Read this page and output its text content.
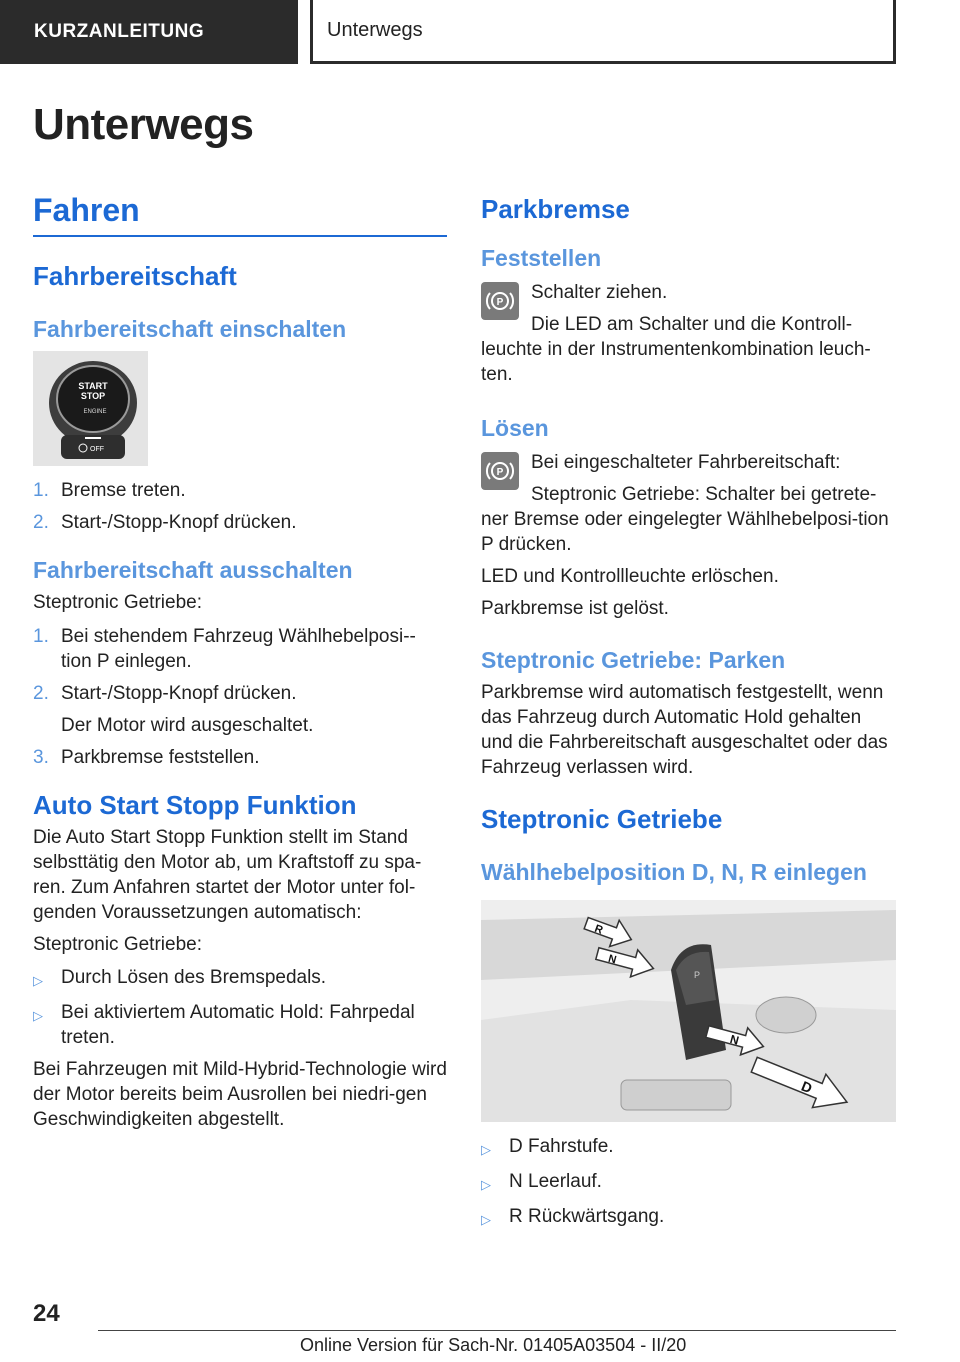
KURZANLEITUNG	Unterwegs
Unterwegs
Fahren
Fahrbereitschaft
Fahrbereitschaft einschalten
START
STOP
ENGINE
OFF
1. Bremse treten.
2. Start-/Stopp-Knopf drücken.
Fahrbereitschaft ausschalten

Steptronic Getriebe:

1. Bei stehendem Fahrzeug Wählhebelposi-tion P einlegen.
2. Start-/Stopp-Knopf drücken.
Der Motor wird ausgeschaltet.
3. Parkbremse feststellen.
Auto Start Stopp Funktion

Die Auto Start Stopp Funktion stellt im Stand selbsttätig den Motor ab, um Kraftstoff zu spa-ren. Zum Anfahren startet der Motor unter fol-genden Voraussetzungen automatisch:

Steptronic Getriebe:

▷ Durch Lösen des Bremspedals.
▷ Bei aktiviertem Automatic Hold: Fahrpedal treten.

Bei Fahrzeugen mit Mild-Hybrid-Technologie wird der Motor bereits beim Ausrollen bei niedri-gen Geschwindigkeiten abgestellt.

Parkbremse
Feststellen
P	Schalter ziehen.

Die LED am Schalter und die Kontroll-leuchte in der Instrumentenkombination leuch-ten.

Lösen
P	Bei eingeschalteter Fahrbereitschaft:

Steptronic Getriebe: Schalter bei getrete-ner Bremse oder eingelegter Wählhebelposi-tion P drücken.

LED und Kontrollleuchte erlöschen.

Parkbremse ist gelöst.

Steptronic Getriebe: Parken

Parkbremse wird automatisch festgestellt, wenn das Fahrzeug durch Automatic Hold gehalten und die Fahrbereitschaft ausgeschaltet oder das Fahrzeug verlassen wird.

Steptronic Getriebe
Wählhebelposition D, N, R einlegen
P
R
N
N
D
▷ D Fahrstufe.
▷ N Leerlauf.
▷ R Rückwärtsgang.
24
Online Version für Sach-Nr. 01405A03504 - II/20
